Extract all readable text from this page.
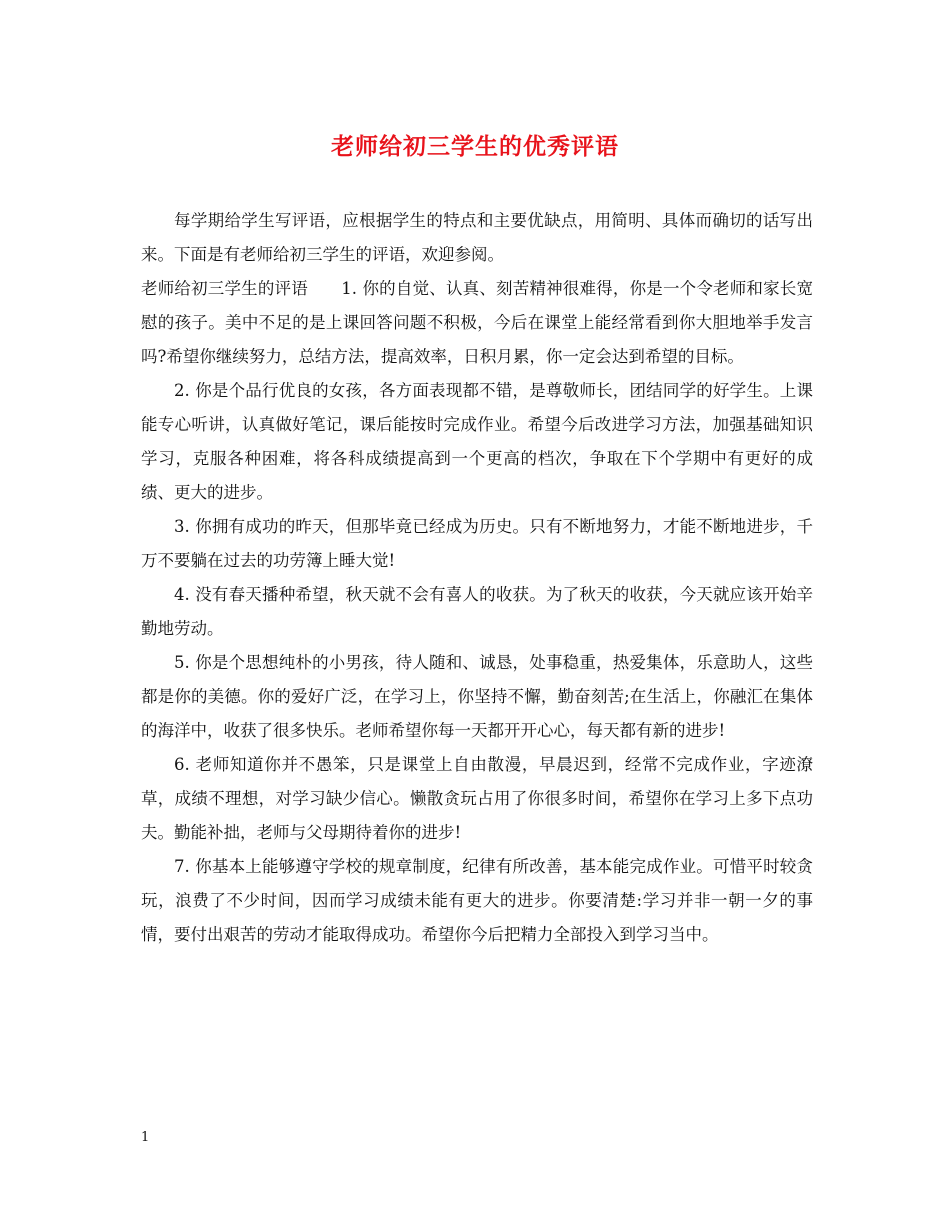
老师给初三学生的优秀评语

每学期给学生写评语，应根据学生的特点和主要优缺点，用简明、具体而确切的话写出来。下面是有老师给初三学生的评语，欢迎参阅。

老师给初三学生的评语　　1. 你的自觉、认真、刻苦精神很难得，你是一个令老师和家长宽慰的孩子。美中不足的是上课回答问题不积极，今后在课堂上能经常看到你大胆地举手发言吗?希望你继续努力，总结方法，提高效率，日积月累，你一定会达到希望的目标。

2. 你是个品行优良的女孩，各方面表现都不错，是尊敬师长，团结同学的好学生。上课能专心听讲，认真做好笔记，课后能按时完成作业。希望今后改进学习方法，加强基础知识学习，克服各种困难，将各科成绩提高到一个更高的档次，争取在下个学期中有更好的成绩、更大的进步。

3. 你拥有成功的昨天，但那毕竟已经成为历史。只有不断地努力，才能不断地进步，千万不要躺在过去的功劳簿上睡大觉!

4. 没有春天播种希望，秋天就不会有喜人的收获。为了秋天的收获，今天就应该开始辛勤地劳动。

5. 你是个思想纯朴的小男孩，待人随和、诚恳，处事稳重，热爱集体，乐意助人，这些都是你的美德。你的爱好广泛，在学习上，你坚持不懈，勤奋刻苦;在生活上，你融汇在集体的海洋中，收获了很多快乐。老师希望你每一天都开开心心，每天都有新的进步!

6. 老师知道你并不愚笨，只是课堂上自由散漫，早晨迟到，经常不完成作业，字迹潦草，成绩不理想，对学习缺少信心。懒散贪玩占用了你很多时间，希望你在学习上多下点功夫。勤能补拙，老师与父母期待着你的进步!

7. 你基本上能够遵守学校的规章制度，纪律有所改善，基本能完成作业。可惜平时较贪玩，浪费了不少时间，因而学习成绩未能有更大的进步。你要清楚:学习并非一朝一夕的事情，要付出艰苦的劳动才能取得成功。希望你今后把精力全部投入到学习当中。

1
